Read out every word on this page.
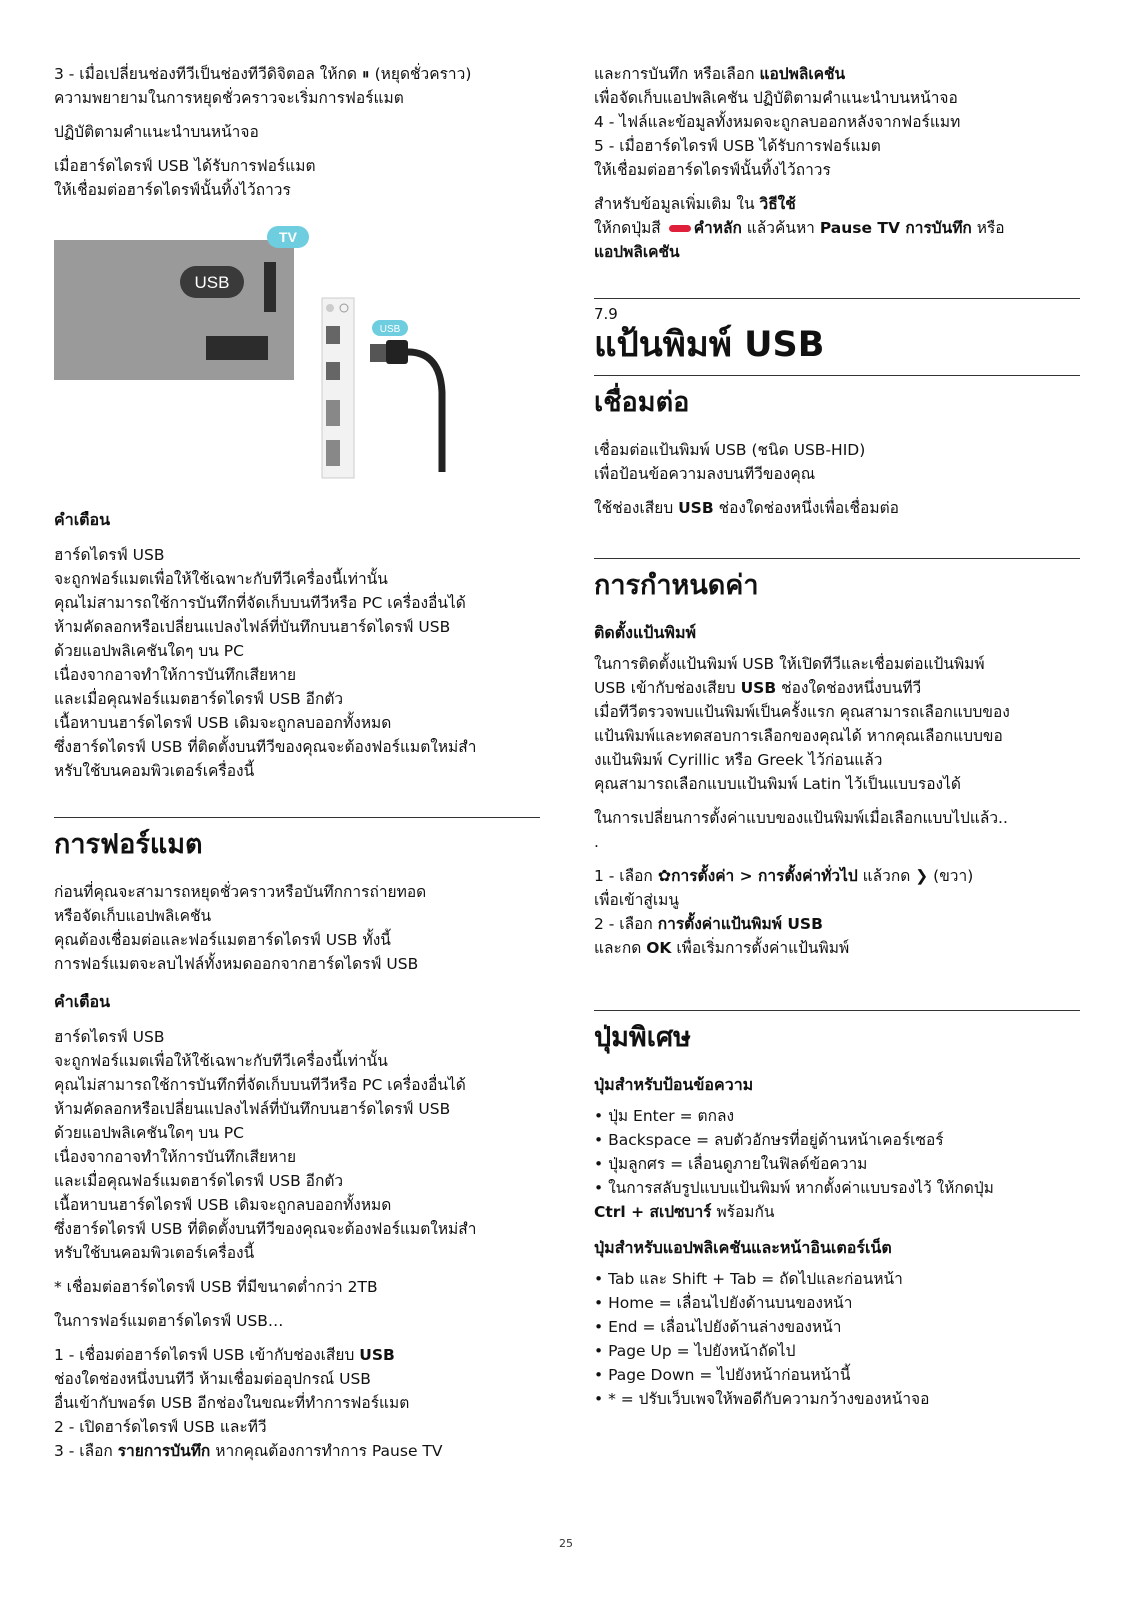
3 - เมื่อเปลี่ยนช่องทีวีเป็นช่องทีวีดิจิตอล ให้กด ⏸ (หยุดชั่วคราว)
ความพยายามในการหยุดชั่วคราวจะเริ่มการฟอร์แมต

ปฏิบัติตามคำแนะนำบนหน้าจอ

เมื่อฮาร์ดไดรฟ์ USB ได้รับการฟอร์แมต
ให้เชื่อมต่อฮาร์ดไดรฟ์นั้นทิ้งไว้ถาวร

TV
USB
USB
คำเตือน

ฮาร์ดไดรฟ์ USB
จะถูกฟอร์แมตเพื่อให้ใช้เฉพาะกับทีวีเครื่องนี้เท่านั้น
คุณไม่สามารถใช้การบันทึกที่จัดเก็บบนทีวีหรือ PC เครื่องอื่นได้
ห้ามคัดลอกหรือเปลี่ยนแปลงไฟล์ที่บันทึกบนฮาร์ดไดรฟ์ USB
ด้วยแอปพลิเคชันใดๆ บน PC
เนื่องจากอาจทำให้การบันทึกเสียหาย
และเมื่อคุณฟอร์แมตฮาร์ดไดรฟ์ USB อีกตัว
เนื้อหาบนฮาร์ดไดรฟ์ USB เดิมจะถูกลบออกทั้งหมด
ซึ่งฮาร์ดไดรฟ์ USB ที่ติดตั้งบนทีวีของคุณจะต้องฟอร์แมตใหม่สำ
หรับใช้บนคอมพิวเตอร์เครื่องนี้

การฟอร์แมต

ก่อนที่คุณจะสามารถหยุดชั่วคราวหรือบันทึกการถ่ายทอด
หรือจัดเก็บแอปพลิเคชัน
คุณต้องเชื่อมต่อและฟอร์แมตฮาร์ดไดรฟ์ USB ทั้งนี้
การฟอร์แมตจะลบไฟล์ทั้งหมดออกจากฮาร์ดไดรฟ์ USB

คำเตือน

ฮาร์ดไดรฟ์ USB
จะถูกฟอร์แมตเพื่อให้ใช้เฉพาะกับทีวีเครื่องนี้เท่านั้น
คุณไม่สามารถใช้การบันทึกที่จัดเก็บบนทีวีหรือ PC เครื่องอื่นได้
ห้ามคัดลอกหรือเปลี่ยนแปลงไฟล์ที่บันทึกบนฮาร์ดไดรฟ์ USB
ด้วยแอปพลิเคชันใดๆ บน PC
เนื่องจากอาจทำให้การบันทึกเสียหาย
และเมื่อคุณฟอร์แมตฮาร์ดไดรฟ์ USB อีกตัว
เนื้อหาบนฮาร์ดไดรฟ์ USB เดิมจะถูกลบออกทั้งหมด
ซึ่งฮาร์ดไดรฟ์ USB ที่ติดตั้งบนทีวีของคุณจะต้องฟอร์แมตใหม่สำ
หรับใช้บนคอมพิวเตอร์เครื่องนี้

* เชื่อมต่อฮาร์ดไดรฟ์ USB ที่มีขนาดต่ำกว่า 2TB

ในการฟอร์แมตฮาร์ดไดรฟ์ USB…

1 - เชื่อมต่อฮาร์ดไดรฟ์ USB เข้ากับช่องเสียบ USB
ช่องใดช่องหนึ่งบนทีวี ห้ามเชื่อมต่ออุปกรณ์ USB
อื่นเข้ากับพอร์ต USB อีกช่องในขณะที่ทำการฟอร์แมต
2 - เปิดฮาร์ดไดรฟ์ USB และทีวี
3 - เลือก รายการบันทึก หากคุณต้องการทำการ Pause TV

และการบันทึก หรือเลือก แอปพลิเคชัน
เพื่อจัดเก็บแอปพลิเคชัน ปฏิบัติตามคำแนะนำบนหน้าจอ
4 - ไฟล์และข้อมูลทั้งหมดจะถูกลบออกหลังจากฟอร์แมท
5 - เมื่อฮาร์ดไดรฟ์ USB ได้รับการฟอร์แมต
ให้เชื่อมต่อฮาร์ดไดรฟ์นั้นทิ้งไว้ถาวร

สำหรับข้อมูลเพิ่มเติม ใน วิธีใช้
ให้กดปุ่มสี คำหลัก แล้วค้นหา Pause TV การบันทึก หรือ
แอปพลิเคชัน

7.9
แป้นพิมพ์ USB
เชื่อมต่อ

เชื่อมต่อแป้นพิมพ์ USB (ชนิด USB-HID)
เพื่อป้อนข้อความลงบนทีวีของคุณ

ใช้ช่องเสียบ USB ช่องใดช่องหนึ่งเพื่อเชื่อมต่อ

การกำหนดค่า
ติดตั้งแป้นพิมพ์

ในการติดตั้งแป้นพิมพ์ USB ให้เปิดทีวีและเชื่อมต่อแป้นพิมพ์
USB เข้ากับช่องเสียบ USB ช่องใดช่องหนึ่งบนทีวี
เมื่อทีวีตรวจพบแป้นพิมพ์เป็นครั้งแรก คุณสามารถเลือกแบบของ
แป้นพิมพ์และทดสอบการเลือกของคุณได้ หากคุณเลือกแบบขอ
งแป้นพิมพ์ Cyrillic หรือ Greek ไว้ก่อนแล้ว
คุณสามารถเลือกแบบแป้นพิมพ์ Latin ไว้เป็นแบบรองได้

ในการเปลี่ยนการตั้งค่าแบบของแป้นพิมพ์เมื่อเลือกแบบไปแล้ว..
.

1 - เลือก ✿การตั้งค่า > การตั้งค่าทั่วไป แล้วกด ❯ (ขวา)
เพื่อเข้าสู่เมนู
2 - เลือก การตั้งค่าแป้นพิมพ์ USB
และกด OK เพื่อเริ่มการตั้งค่าแป้นพิมพ์

ปุ่มพิเศษ
ปุ่มสำหรับป้อนข้อความ
• ปุ่ม Enter = ตกลง
• Backspace = ลบตัวอักษรที่อยู่ด้านหน้าเคอร์เซอร์
• ปุ่มลูกศร = เลื่อนดูภายในฟิลด์ข้อความ
• ในการสลับรูปแบบแป้นพิมพ์ หากตั้งค่าแบบรองไว้ ให้กดปุ่ม
Ctrl + สเปซบาร์ พร้อมกัน
ปุ่มสำหรับแอปพลิเคชันและหน้าอินเตอร์เน็ต
• Tab และ Shift + Tab = ถัดไปและก่อนหน้า
• Home = เลื่อนไปยังด้านบนของหน้า
• End = เลื่อนไปยังด้านล่างของหน้า
• Page Up = ไปยังหน้าถัดไป
• Page Down = ไปยังหน้าก่อนหน้านี้
• * = ปรับเว็บเพจให้พอดีกับความกว้างของหน้าจอ
25
